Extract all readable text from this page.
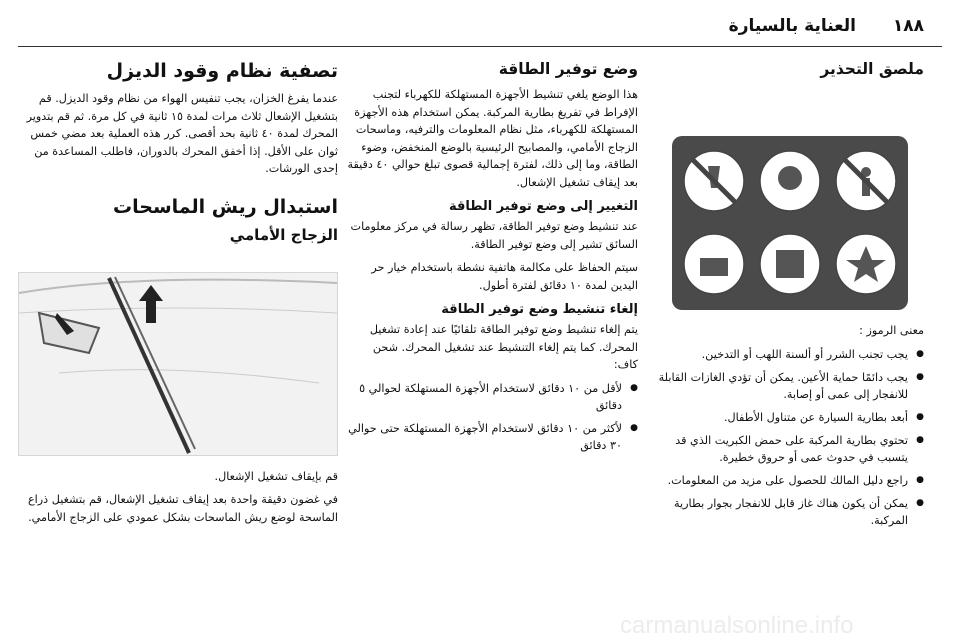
العناية بالسيارة ١٨٨
ملصق التحذير

معنى الرموز :

● يجب تجنب الشرر أو ألسنة اللهب أو التدخين.
● يجب دائمًا حماية الأعين. يمكن أن تؤدي الغازات القابلة للانفجار إلى عمى أو إصابة.
● أبعد بطارية السيارة عن متناول الأطفال.
● تحتوي بطارية المركبة على حمض الكبريت الذي قد يتسبب في حدوث عمى أو حروق خطيرة.
● راجع دليل المالك للحصول على مزيد من المعلومات.
● يمكن أن يكون هناك غاز قابل للانفجار بجوار بطارية المركبة.
وضع توفير الطاقة

هذا الوضع يلغي تنشيط الأجهزة المستهلكة للكهرباء لتجنب الإفراط في تفريغ بطارية المركبة. يمكن استخدام هذه الأجهزة المستهلكة للكهرباء، مثل نظام المعلومات والترفيه، وماسحات الزجاج الأمامي، والمصابيح الرئيسية بالوضع المنخفض، وضوء الطاقة، وما إلى ذلك، لفترة إجمالية قصوى تبلغ حوالي ٤٠ دقيقة بعد إيقاف تشغيل الإشعال.

التغيير إلى وضع توفير الطاقة

عند تنشيط وضع توفير الطاقة، تظهر رسالة في مركز معلومات السائق تشير إلى وضع توفير الطاقة.

سيتم الحفاظ على مكالمة هاتفية نشطة باستخدام خيار حر اليدين لمدة ١٠ دقائق لفترة أطول.

إلغاء تنشيط وضع توفير الطاقة

يتم إلغاء تنشيط وضع توفير الطاقة تلقائيًا عند إعادة تشغيل المحرك. كما يتم إلغاء التنشيط عند تشغيل المحرك. شحن كاف:

● لأقل من ١٠ دقائق لاستخدام الأجهزة المستهلكة لحوالي ٥ دقائق
● لأكثر من ١٠ دقائق لاستخدام الأجهزة المستهلكة حتى حوالي ٣٠ دقائق
تصفية نظام وقود الديزل

عندما يفرغ الخزان، يجب تنفيس الهواء من نظام وقود الديزل. قم بتشغيل الإشعال ثلاث مرات لمدة ١٥ ثانية في كل مرة. ثم قم بتدوير المحرك لمدة ٤٠ ثانية بحد أقصى. كرر هذه العملية بعد مضي خمس ثوان على الأقل. إذا أخفق المحرك بالدوران، فاطلب المساعدة من إحدى الورشات.

استبدال ريش الماسحات
الزجاج الأمامي

قم بإيقاف تشغيل الإشعال.

في غضون دقيقة واحدة بعد إيقاف تشغيل الإشعال، قم بتشغيل ذراع الماسحة لوضع ريش الماسحات بشكل عمودي على الزجاج الأمامي.

carmanualsonline.info
